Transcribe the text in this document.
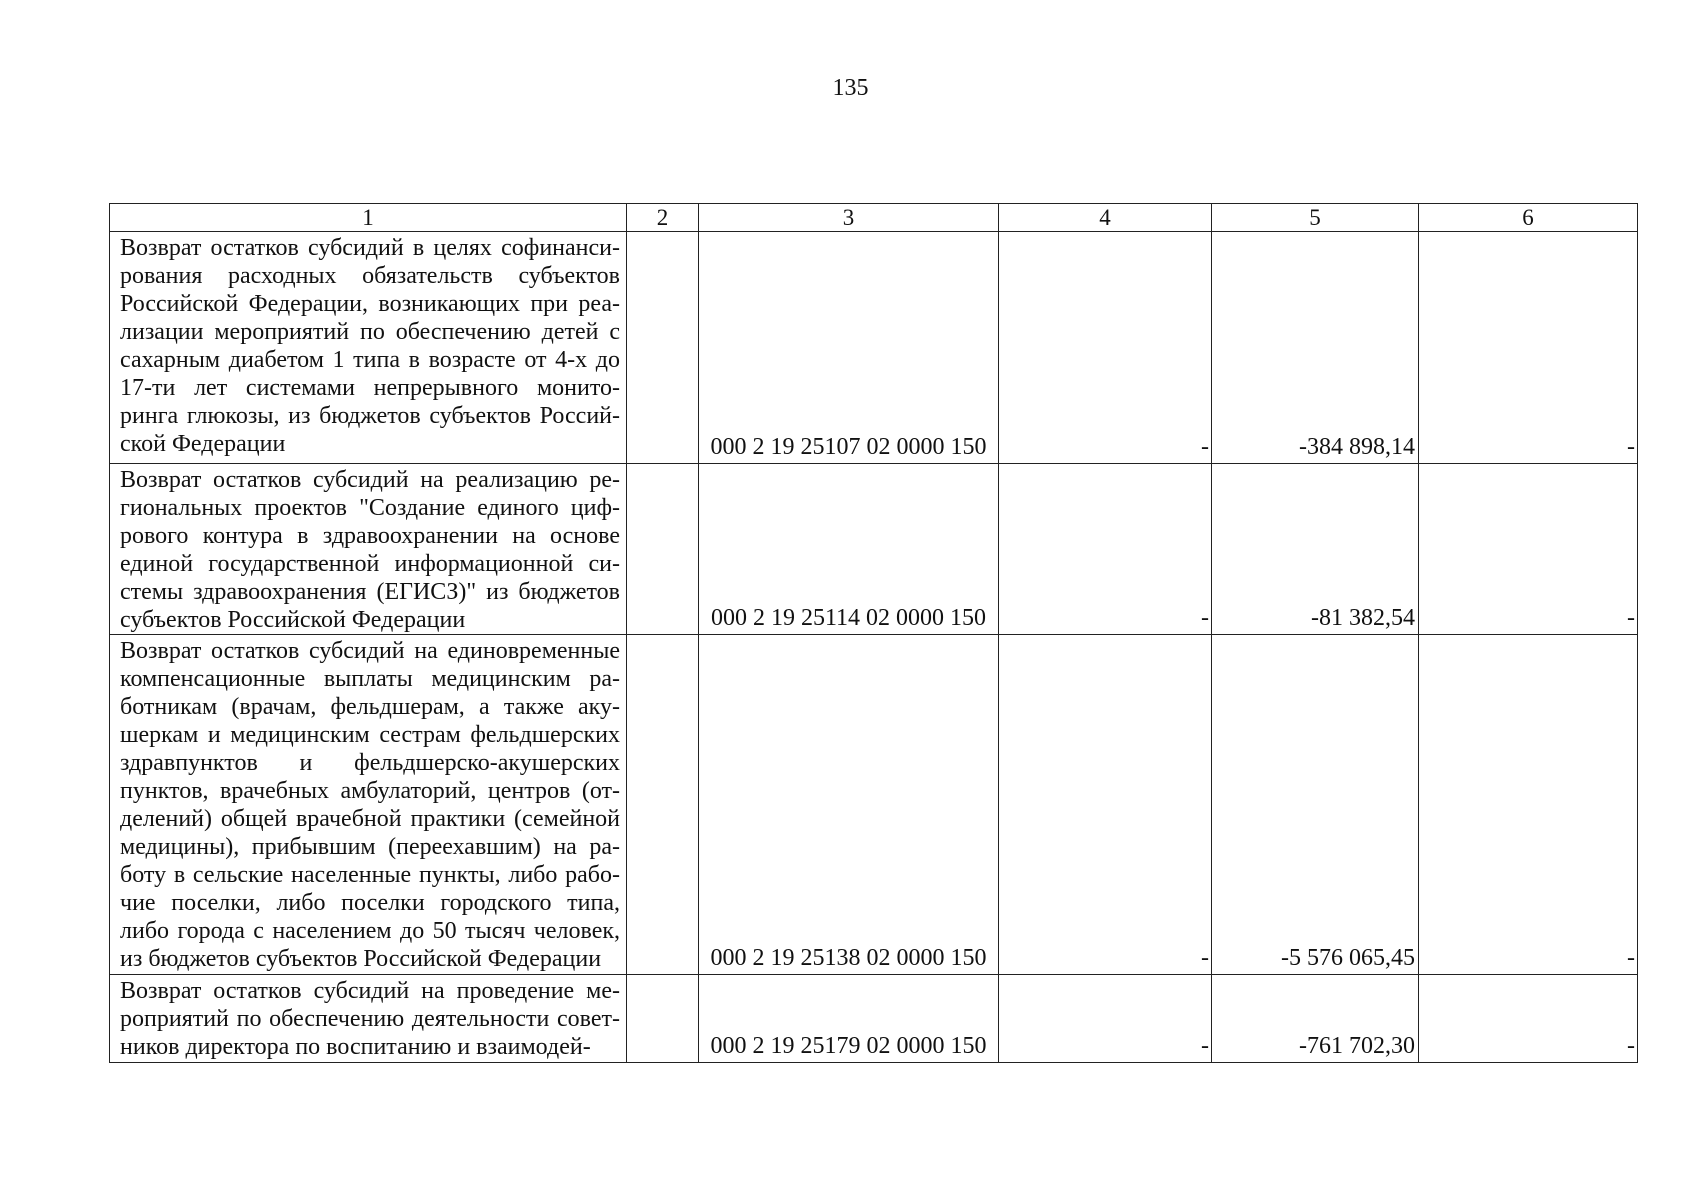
135
1	2	3	4	5	6
Возврат остатков субсидий в целях софинанси-рования расходных обязательств субъектов Российской Федерации, возникающих при реа-лизации мероприятий по обеспечению детей с сахарным диабетом 1 типа в возрасте от 4-х до 17-ти лет системами непрерывного монито-ринга глюкозы, из бюджетов субъектов Россий-ской Федерации		000 2 19 25107 02 0000 150	-	-384 898,14	-
Возврат остатков субсидий на реализацию ре-гиональных проектов "Создание единого циф-рового контура в здравоохранении на основе единой государственной информационной си-стемы здравоохранения (ЕГИСЗ)" из бюджетов субъектов Российской Федерации		000 2 19 25114 02 0000 150	-	-81 382,54	-
Возврат остатков субсидий на единовременные компенсационные выплаты медицинским ра-ботникам (врачам, фельдшерам, а также аку-шеркам и медицинским сестрам фельдшерских здравпунктов и фельдшерско-акушерских пунктов, врачебных амбулаторий, центров (от-делений) общей врачебной практики (семейной медицины), прибывшим (переехавшим) на ра-боту в сельские населенные пункты, либо рабо-чие поселки, либо поселки городского типа, либо города с населением до 50 тысяч человек, из бюджетов субъектов Российской Федерации		000 2 19 25138 02 0000 150	-	-5 576 065,45	-
Возврат остатков субсидий на проведение ме-роприятий по обеспечению деятельности совет-ников директора по воспитанию и взаимодей-		000 2 19 25179 02 0000 150	-	-761 702,30	-
